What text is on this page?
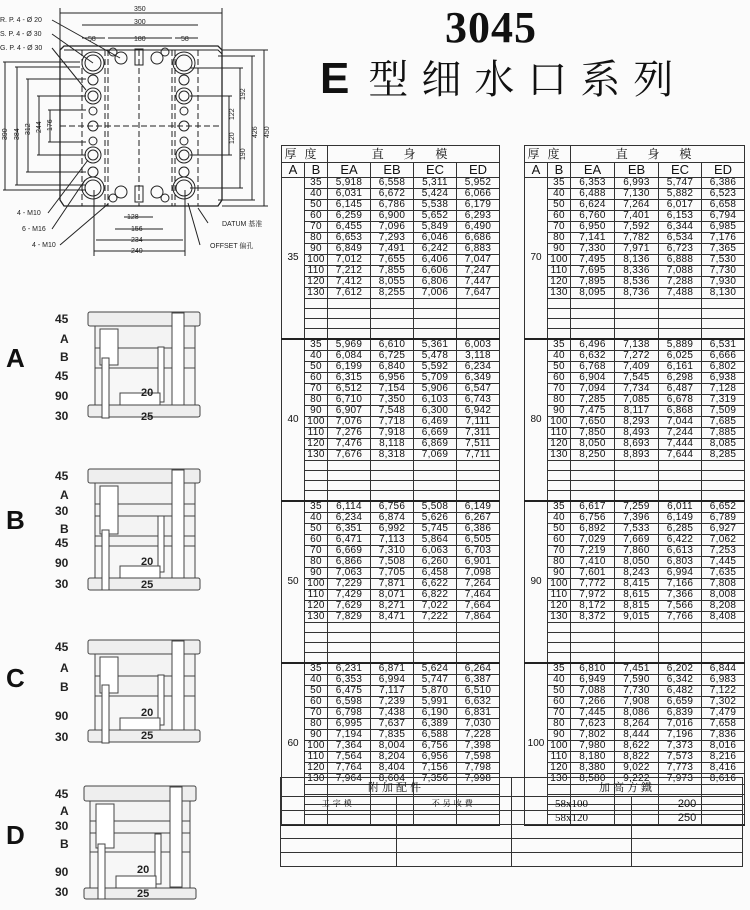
3045
E 型细水口系列
350
300
58	180	58
R. P. 4 - Ø 20
S. P. 4 - Ø 30
G. P. 4 - Ø 30
128
156
234
240
4 - M10
6 - M16
4 - M10
DATUM 基准
OFFSET 偏孔
390 384 312 244 176
192
122
120
190
426 450
A
45
A
B
45
90
30
20
25
B
45
A
30
B
45
90
30
20
25
C
45
A
B
90
30
20
25
D
45
A
30
B
90
30
20
25
厚度		直 身 模			
A	B	EA	EB	EC	ED
35	35	5,918	6,558	5,311	5,952
	40	6,031	6,672	5,424	6,066
	50	6,145	6,786	5,538	6,179
	60	6,259	6,900	5,652	6,293
	70	6,455	7,096	5,849	6,490
	80	6,653	7,293	6,046	6,686
	90	6,849	7,491	6,242	6,883
	100	7,012	7,655	6,406	7,047
	110	7,212	7,855	6,606	7,247
	120	7,412	8,055	6,806	7,447
	130	7,612	8,255	7,006	7,647

40	35	5,969	6,610	5,361	6,003
	40	6,084	6,725	5,478	3,118
	50	6,199	6,840	5,592	6,234
	60	6,315	6,956	5,709	6,349
	70	6,512	7,154	5,906	6,547
	80	6,710	7,350	6,103	6,743
	90	6,907	7,548	6,300	6,942
	100	7,076	7,718	6,469	7,111
	110	7,276	7,918	6,669	7,311
	120	7,476	8,118	6,869	7,511
	130	7,676	8,318	7,069	7,711

50	35	6,114	6,756	5,508	6,149
	40	6,234	6,874	5,626	6,267
	50	6,351	6,992	5,745	6,386
	60	6,471	7,113	5,864	6,505
	70	6,669	7,310	6,063	6,703
	80	6,866	7,508	6,260	6,901
	90	7,063	7,705	6,458	7,098
	100	7,229	7,871	6,622	7,264
	110	7,429	8,071	6,822	7,464
	120	7,629	8,271	7,022	7,664
	130	7,829	8,471	7,222	7,864

60	35	6,231	6,871	5,624	6,264
	40	6,353	6,994	5,747	6,387
	50	6,475	7,117	5,870	6,510
	60	6,598	7,239	5,991	6,632
	70	6,798	7,438	6,190	6,831
	80	6,995	7,637	6,389	7,030
	90	7,194	7,835	6,588	7,228
	100	7,364	8,004	6,756	7,398
	110	7,564	8,204	6,956	7,598
	120	7,764	8,404	7,156	7,798
	130	7,964	8,604	7,356	7,998

厚度		直 身 模			
A	B	EA	EB	EC	ED
70	35	6,353	6,993	5,747	6,386
	40	6,488	7,130	5,882	6,523
	50	6,624	7,264	6,017	6,658
	60	6,760	7,401	6,153	6,794
	70	6,950	7,592	6,344	6,985
	80	7,141	7,782	6,534	7,176
	90	7,330	7,971	6,723	7,365
	100	7,495	8,136	6,888	7,530
	110	7,695	8,336	7,088	7,730
	120	7,895	8,536	7,288	7,930
	130	8,095	8,736	7,488	8,130

80	35	6,496	7,138	5,889	6,531
	40	6,632	7,272	6,025	6,666
	50	6,768	7,409	6,161	6,802
	60	6,904	7,545	6,298	6,938
	70	7,094	7,734	6,487	7,128
	80	7,285	7,085	6,678	7,319
	90	7,475	8,117	6,868	7,509
	100	7,650	8,293	7,044	7,685
	110	7,850	8,493	7,244	7,885
	120	8,050	8,693	7,444	8,085
	130	8,250	8,893	7,644	8,285

90	35	6,617	7,259	6,011	6,652
	40	6,756	7,396	6,149	6,789
	50	6,892	7,533	6,285	6,927
	60	7,029	7,669	6,422	7,062
	70	7,219	7,860	6,613	7,253
	80	7,410	8,050	6,803	7,445
	90	7,601	8,243	6,994	7,635
	100	7,772	8,415	7,166	7,808
	110	7,972	8,615	7,366	8,008
	120	8,172	8,815	7,566	8,208
	130	8,372	9,015	7,766	8,408

100	35	6,810	7,451	6,202	6,844
	40	6,949	7,590	6,342	6,983
	50	7,088	7,730	6,482	7,122
	60	7,266	7,908	6,659	7,302
	70	7,445	8,086	6,839	7,479
	80	7,623	8,264	7,016	7,658
	90	7,802	8,444	7,196	7,836
	100	7,980	8,622	7,373	8,016
	110	8,180	8,822	7,573	8,216
	120	8,380	9,022	7,773	8,416
	130	8,580	9,222	7,973	8,616

附加配件		加高方鐵	
工字模	不另收費	58x100	200
		58x120	250
